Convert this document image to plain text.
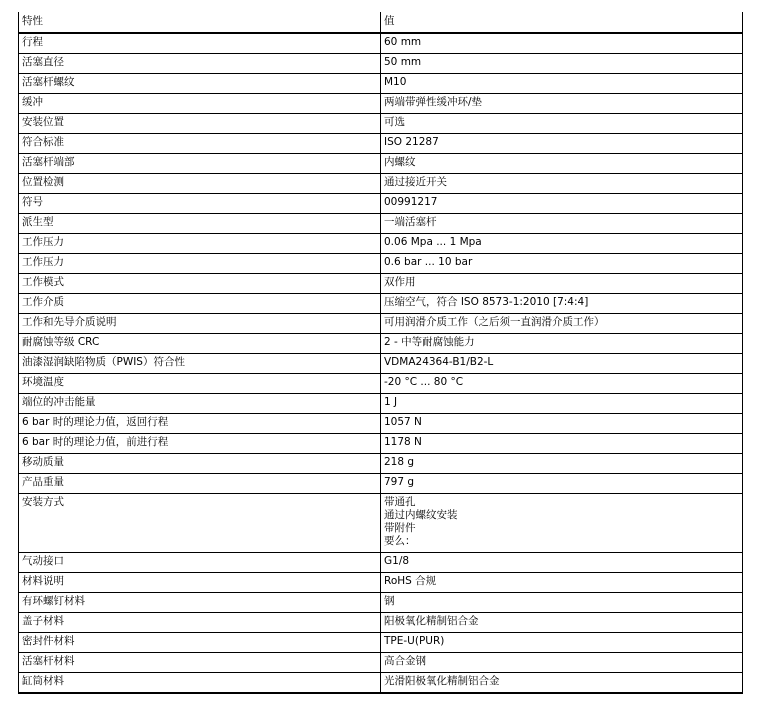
特性	值
行程	60 mm

活塞直径	50 mm

活塞杆螺纹	M10

缓冲	两端带弹性缓冲环/垫

安装位置	可选

符合标准	ISO 21287

活塞杆端部	内螺纹

位置检测	通过接近开关

符号	00991217

派生型	一端活塞杆

工作压力	0.06 Mpa ... 1 Mpa

工作压力	0.6 bar ... 10 bar

工作模式	双作用

工作介质	压缩空气，符合 ISO 8573-1:2010 [7:4:4]

工作和先导介质说明	可用润滑介质工作（之后须一直润滑介质工作）

耐腐蚀等级 CRC	2 - 中等耐腐蚀能力

油漆湿润缺陷物质（PWIS）符合性	VDMA24364-B1/B2-L

环境温度	-20 °C ... 80 °C

端位的冲击能量	1 J

6 bar 时的理论力值，返回行程	1057 N

6 bar 时的理论力值，前进行程	1178 N

移动质量	218 g

产品重量	797 g

安装方式	带通孔
通过内螺纹安装
带附件
要么：

气动接口	G1/8

材料说明	RoHS 合规

有环螺钉材料	钢

盖子材料	阳极氧化精制铝合金

密封件材料	TPE-U(PUR)

活塞杆材料	高合金钢

缸筒材料	光滑阳极氧化精制铝合金
